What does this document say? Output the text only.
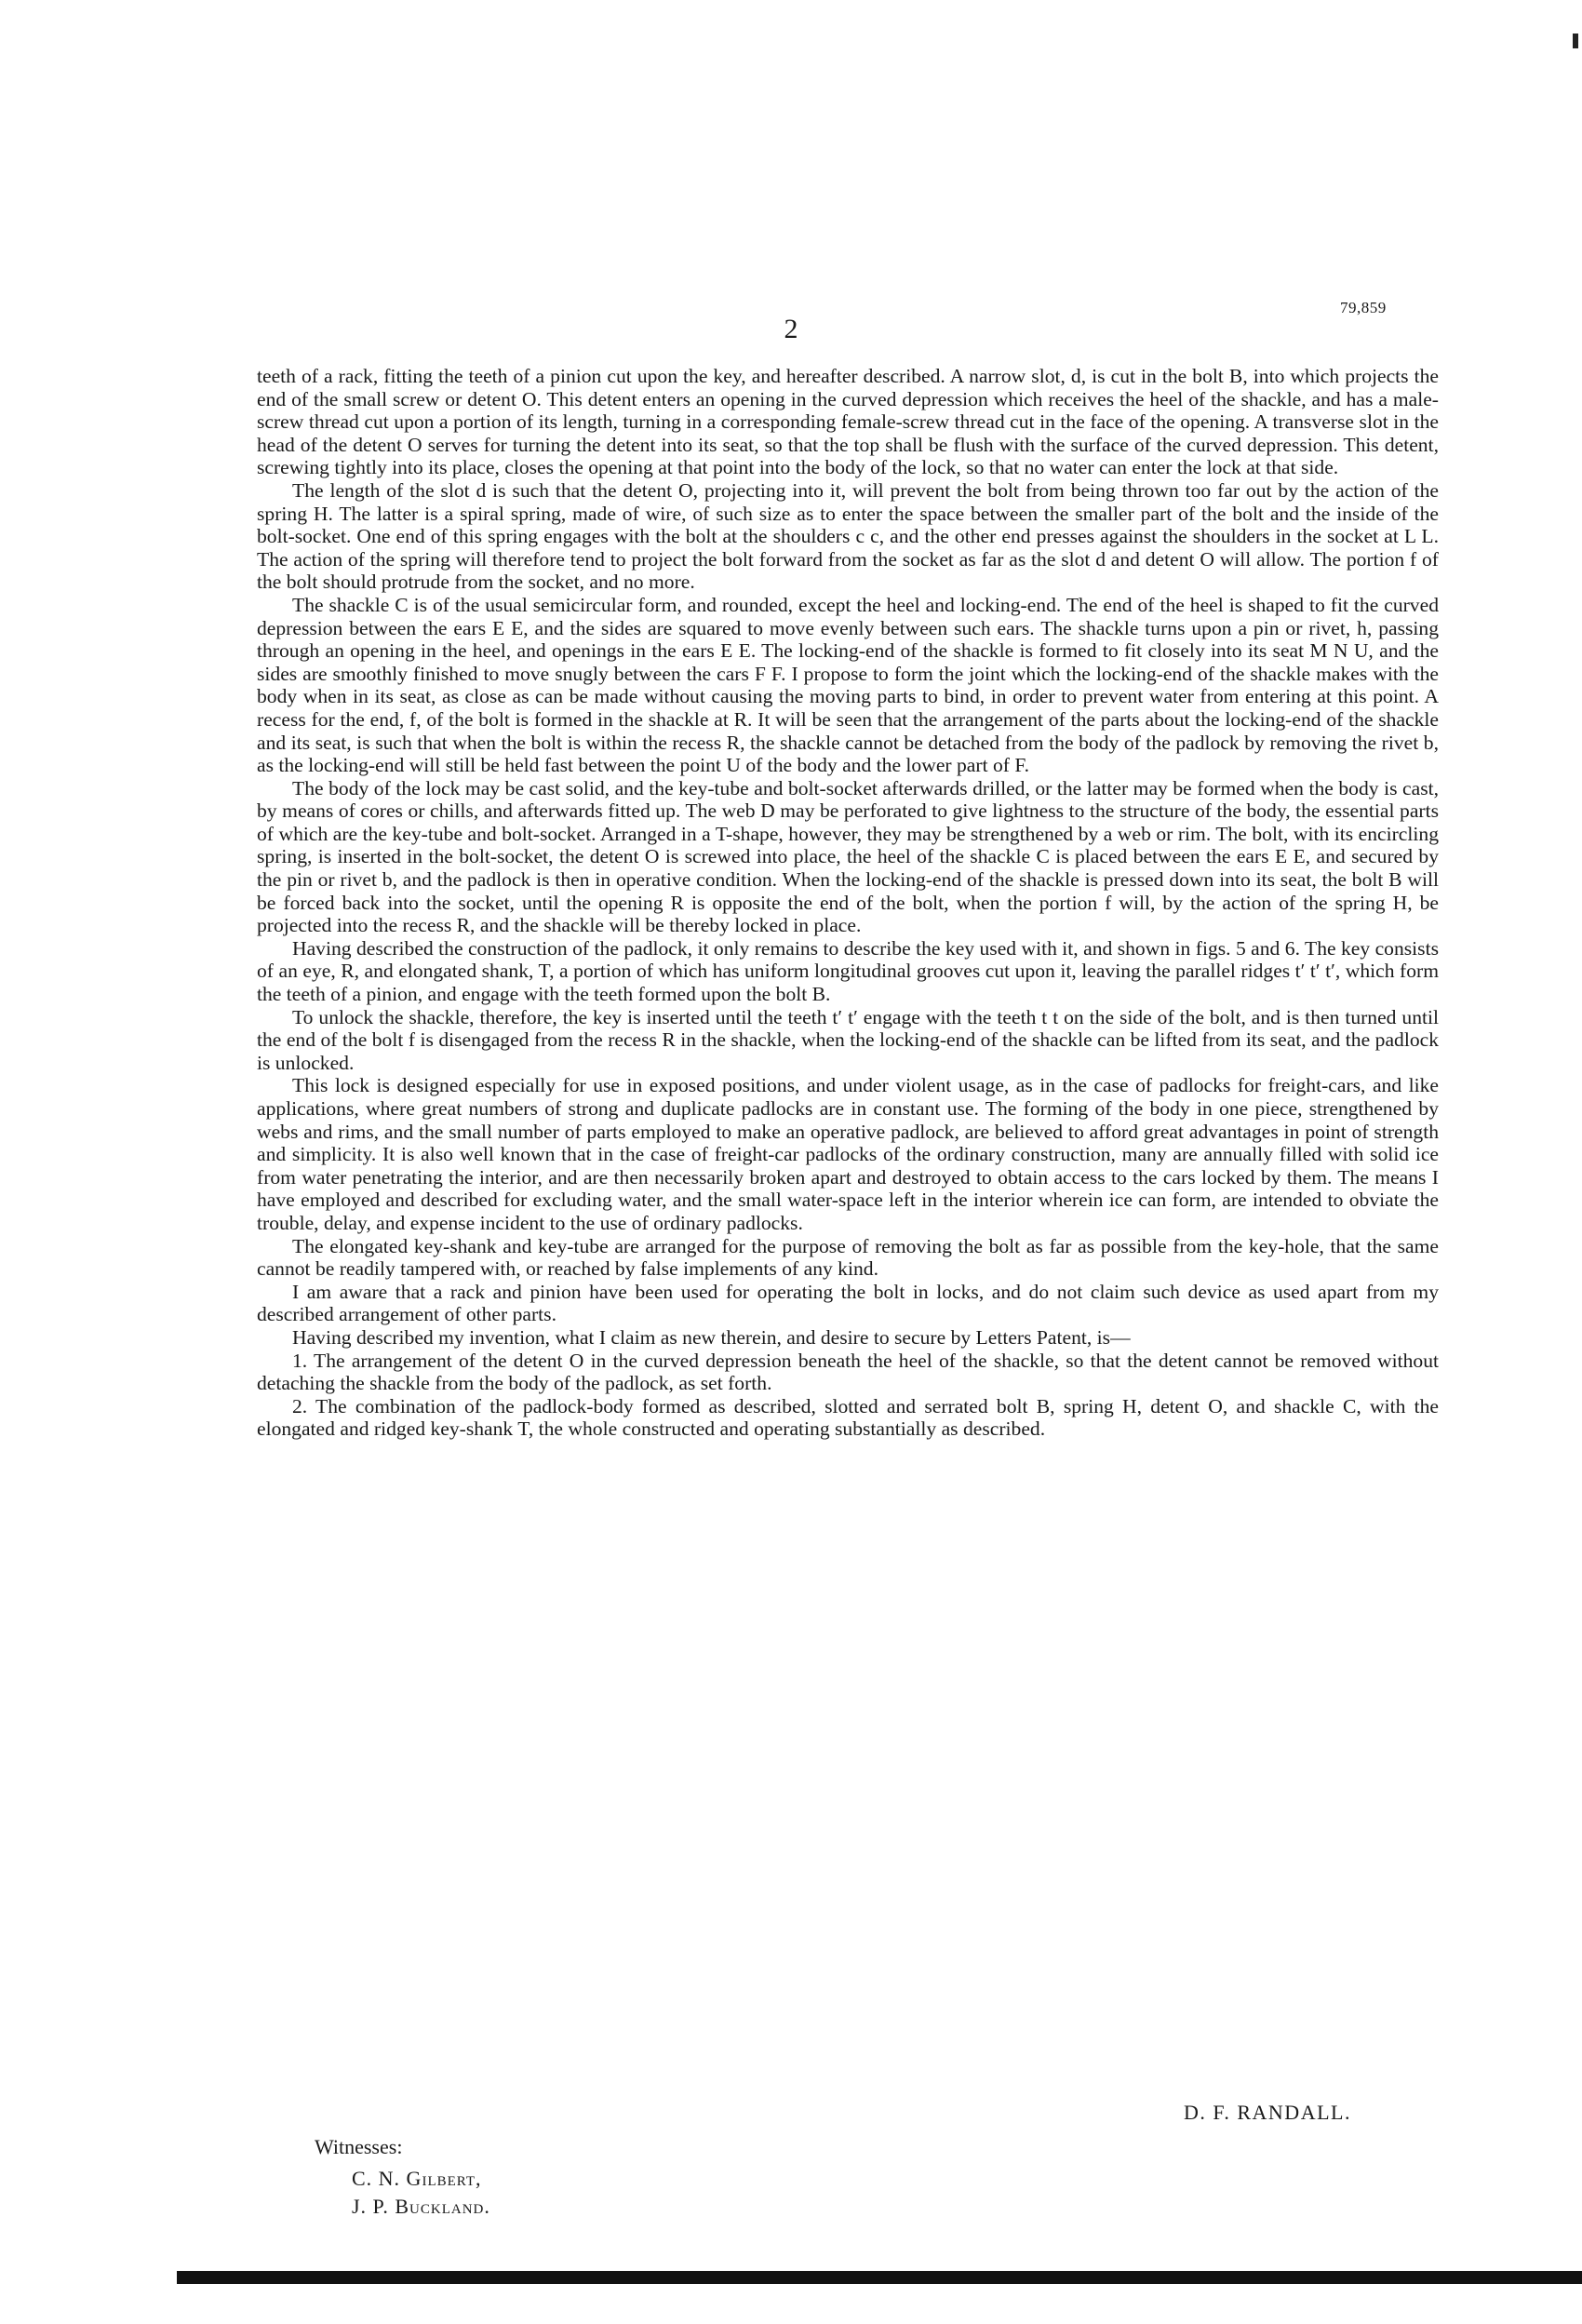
2
79,859

teeth of a rack, fitting the teeth of a pinion cut upon the key, and hereafter described. A narrow slot, d, is cut in the bolt B, into which projects the end of the small screw or detent O. This detent enters an opening in the curved depression which receives the heel of the shackle, and has a male-screw thread cut upon a portion of its length, turning in a corresponding female-screw thread cut in the face of the opening. A transverse slot in the head of the detent O serves for turning the detent into its seat, so that the top shall be flush with the surface of the curved depression. This detent, screwing tightly into its place, closes the opening at that point into the body of the lock, so that no water can enter the lock at that side.

The length of the slot d is such that the detent O, projecting into it, will prevent the bolt from being thrown too far out by the action of the spring H. The latter is a spiral spring, made of wire, of such size as to enter the space between the smaller part of the bolt and the inside of the bolt-socket. One end of this spring engages with the bolt at the shoulders c c, and the other end presses against the shoulders in the socket at L L. The action of the spring will therefore tend to project the bolt forward from the socket as far as the slot d and detent O will allow. The portion f of the bolt should protrude from the socket, and no more.

The shackle C is of the usual semicircular form, and rounded, except the heel and locking-end. The end of the heel is shaped to fit the curved depression between the ears E E, and the sides are squared to move evenly between such ears. The shackle turns upon a pin or rivet, h, passing through an opening in the heel, and openings in the ears E E. The locking-end of the shackle is formed to fit closely into its seat M N U, and the sides are smoothly finished to move snugly between the cars F F. I propose to form the joint which the locking-end of the shackle makes with the body when in its seat, as close as can be made without causing the moving parts to bind, in order to prevent water from entering at this point. A recess for the end, f, of the bolt is formed in the shackle at R. It will be seen that the arrangement of the parts about the locking-end of the shackle and its seat, is such that when the bolt is within the recess R, the shackle cannot be detached from the body of the padlock by removing the rivet b, as the locking-end will still be held fast between the point U of the body and the lower part of F.

The body of the lock may be cast solid, and the key-tube and bolt-socket afterwards drilled, or the latter may be formed when the body is cast, by means of cores or chills, and afterwards fitted up. The web D may be perforated to give lightness to the structure of the body, the essential parts of which are the key-tube and bolt-socket. Arranged in a T-shape, however, they may be strengthened by a web or rim. The bolt, with its encircling spring, is inserted in the bolt-socket, the detent O is screwed into place, the heel of the shackle C is placed between the ears E E, and secured by the pin or rivet b, and the padlock is then in operative condition. When the locking-end of the shackle is pressed down into its seat, the bolt B will be forced back into the socket, until the opening R is opposite the end of the bolt, when the portion f will, by the action of the spring H, be projected into the recess R, and the shackle will be thereby locked in place.

Having described the construction of the padlock, it only remains to describe the key used with it, and shown in figs. 5 and 6. The key consists of an eye, R, and elongated shank, T, a portion of which has uniform longitudinal grooves cut upon it, leaving the parallel ridges t′ t′ t′, which form the teeth of a pinion, and engage with the teeth formed upon the bolt B.

To unlock the shackle, therefore, the key is inserted until the teeth t′ t′ engage with the teeth t t on the side of the bolt, and is then turned until the end of the bolt f is disengaged from the recess R in the shackle, when the locking-end of the shackle can be lifted from its seat, and the padlock is unlocked.

This lock is designed especially for use in exposed positions, and under violent usage, as in the case of padlocks for freight-cars, and like applications, where great numbers of strong and duplicate padlocks are in constant use. The forming of the body in one piece, strengthened by webs and rims, and the small number of parts employed to make an operative padlock, are believed to afford great advantages in point of strength and simplicity. It is also well known that in the case of freight-car padlocks of the ordinary construction, many are annually filled with solid ice from water penetrating the interior, and are then necessarily broken apart and destroyed to obtain access to the cars locked by them. The means I have employed and described for excluding water, and the small water-space left in the interior wherein ice can form, are intended to obviate the trouble, delay, and expense incident to the use of ordinary padlocks.

The elongated key-shank and key-tube are arranged for the purpose of removing the bolt as far as possible from the key-hole, that the same cannot be readily tampered with, or reached by false implements of any kind.

I am aware that a rack and pinion have been used for operating the bolt in locks, and do not claim such device as used apart from my described arrangement of other parts.

Having described my invention, what I claim as new therein, and desire to secure by Letters Patent, is—

1. The arrangement of the detent O in the curved depression beneath the heel of the shackle, so that the detent cannot be removed without detaching the shackle from the body of the padlock, as set forth.

2. The combination of the padlock-body formed as described, slotted and serrated bolt B, spring H, detent O, and shackle C, with the elongated and ridged key-shank T, the whole constructed and operating substantially as described.

D. F. RANDALL.

Witnesses:

C. N. Gilbert,

J. P. Buckland.
